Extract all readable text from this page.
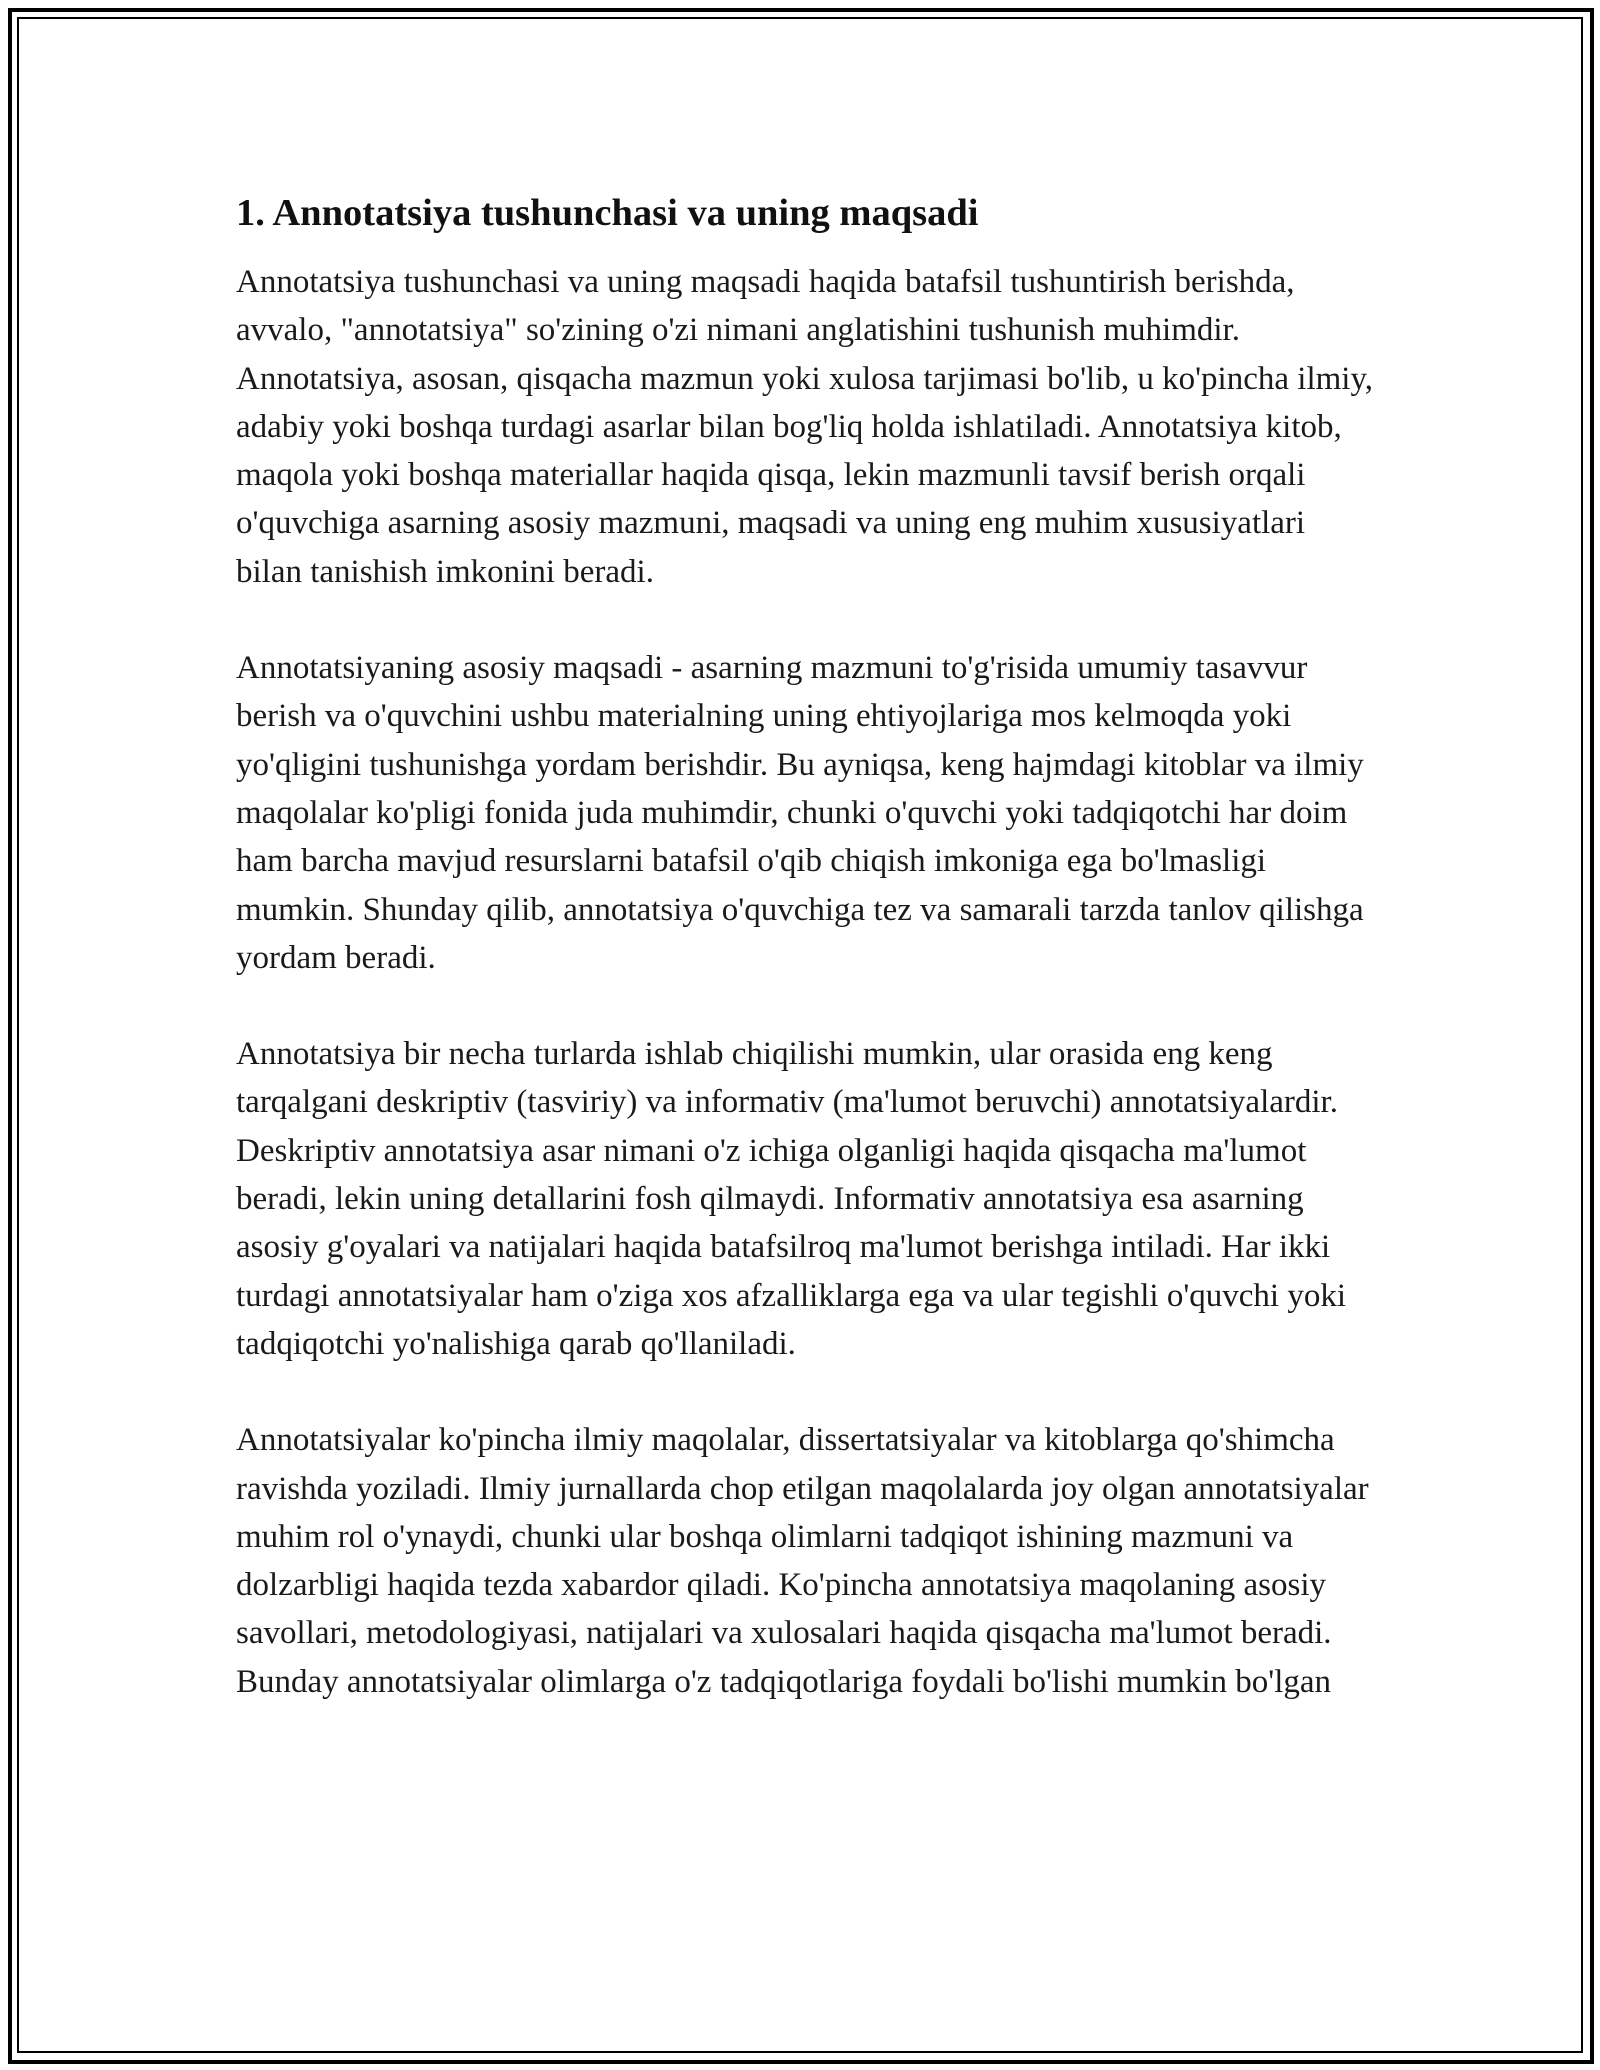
1. Annotatsiya tushunchasi va uning maqsadi

Annotatsiya tushunchasi va uning maqsadi haqida batafsil tushuntirish berishda, avvalo, "annotatsiya" so'zining o'zi nimani anglatishini tushunish muhimdir. Annotatsiya, asosan, qisqacha mazmun yoki xulosa tarjimasi bo'lib, u ko'pincha ilmiy, adabiy yoki boshqa turdagi asarlar bilan bog'liq holda ishlatiladi. Annotatsiya kitob, maqola yoki boshqa materiallar haqida qisqa, lekin mazmunli tavsif berish orqali o'quvchiga asarning asosiy mazmuni, maqsadi va uning eng muhim xususiyatlari bilan tanishish imkonini beradi.

Annotatsiyaning asosiy maqsadi - asarning mazmuni to'g'risida umumiy tasavvur berish va o'quvchini ushbu materialning uning ehtiyojlariga mos kelmoqda yoki yo'qligini tushunishga yordam berishdir. Bu ayniqsa, keng hajmdagi kitoblar va ilmiy maqolalar ko'pligi fonida juda muhimdir, chunki o'quvchi yoki tadqiqotchi har doim ham barcha mavjud resurslarni batafsil o'qib chiqish imkoniga ega bo'lmasligi mumkin. Shunday qilib, annotatsiya o'quvchiga tez va samarali tarzda tanlov qilishga yordam beradi.

Annotatsiya bir necha turlarda ishlab chiqilishi mumkin, ular orasida eng keng tarqalgani deskriptiv (tasviriy) va informativ (ma'lumot beruvchi) annotatsiyalardir. Deskriptiv annotatsiya asar nimani o'z ichiga olganligi haqida qisqacha ma'lumot beradi, lekin uning detallarini fosh qilmaydi. Informativ annotatsiya esa asarning asosiy g'oyalari va natijalari haqida batafsilroq ma'lumot berishga intiladi. Har ikki turdagi annotatsiyalar ham o'ziga xos afzalliklarga ega va ular tegishli o'quvchi yoki tadqiqotchi yo'nalishiga qarab qo'llaniladi.

Annotatsiyalar ko'pincha ilmiy maqolalar, dissertatsiyalar va kitoblarga qo'shimcha ravishda yoziladi. Ilmiy jurnallarda chop etilgan maqolalarda joy olgan annotatsiyalar muhim rol o'ynaydi, chunki ular boshqa olimlarni tadqiqot ishining mazmuni va dolzarbligi haqida tezda xabardor qiladi. Ko'pincha annotatsiya maqolaning asosiy savollari, metodologiyasi, natijalari va xulosalari haqida qisqacha ma'lumot beradi. Bunday annotatsiyalar olimlarga o'z tadqiqotlariga foydali bo'lishi mumkin bo'lgan
